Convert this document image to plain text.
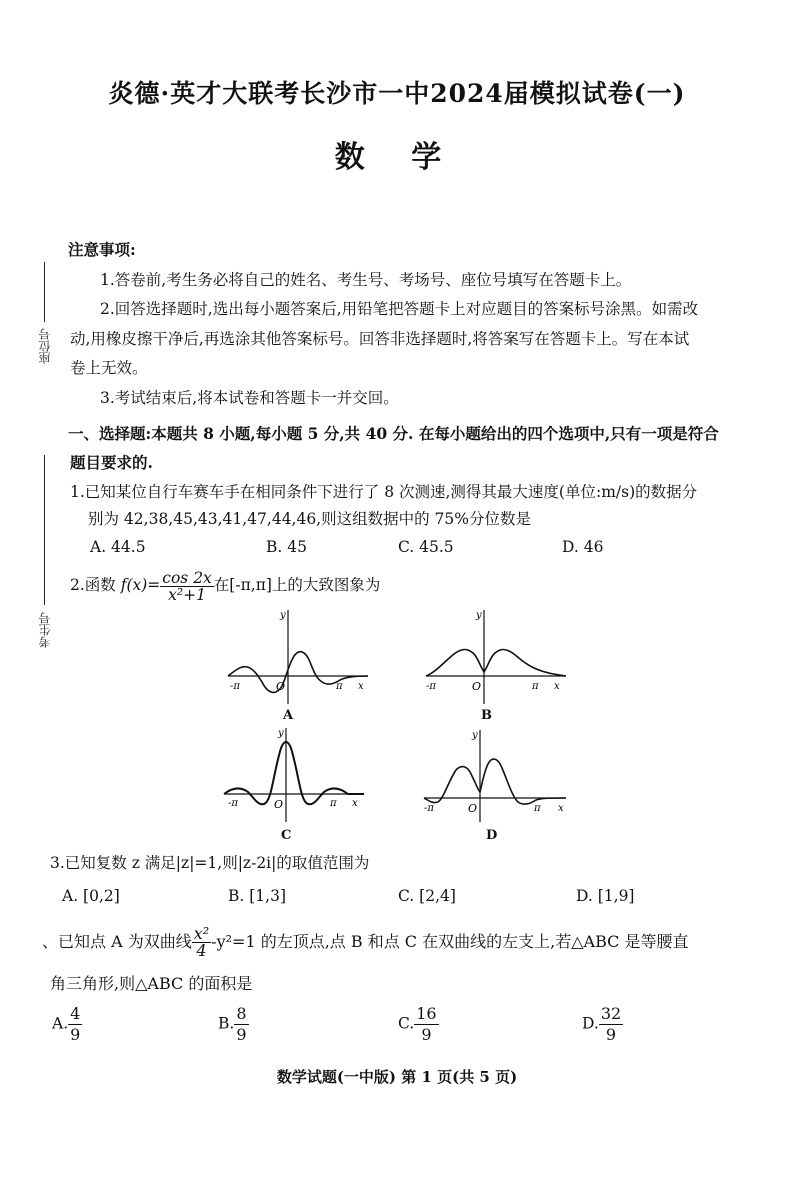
炎德·英才大联考长沙市一中2024届模拟试卷(一)
数 学
座位号
考生号
注意事项:
1.答卷前,考生务必将自己的姓名、考生号、考场号、座位号填写在答题卡上。
2.回答选择题时,选出每小题答案后,用铅笔把答题卡上对应题目的答案标号涂黑。如需改
动,用橡皮擦干净后,再选涂其他答案标号。回答非选择题时,将答案写在答题卡上。写在本试
卷上无效。
3.考试结束后,将本试卷和答题卡一并交回。
一、选择题:本题共 8 小题,每小题 5 分,共 40 分. 在每小题给出的四个选项中,只有一项是符合
题目要求的.
1.已知某位自行车赛车手在相同条件下进行了 8 次测速,测得其最大速度(单位:m/s)的数据分
别为 42,38,45,43,41,47,44,46,则这组数据中的 75%分位数是
A. 44.5	B. 45	C. 45.5	D. 46
2.函数 $f(x)= \frac{\cos 2x}{\text{x²+1}}$ 在[-π,π]上的大致图象为
-π	O	π x
y
A
-π	O	π x
y
B
-π	O	π x
y
C
-π	O	π x
y
D
3.已知复数 z 满足|z|=1,则|z-2i|的取值范围为
A. [0,2]	B. [1,3]	C. [2,4]	D. [1,9]
、已知点 A 为双曲线 $\frac{\text{x²}}{4} -y^2=1$ 的左顶点,点 B 和点 C 在双曲线的左支上,若△ABC 是等腰直
角三角形,则△ABC 的面积是
A. $\frac{4}{9}$	B. $\frac{8}{9}$	C. $\frac{16}{9}$	D. $\frac{32}{9}$
数学试题(一中版) 第 1 页(共 5 页)
